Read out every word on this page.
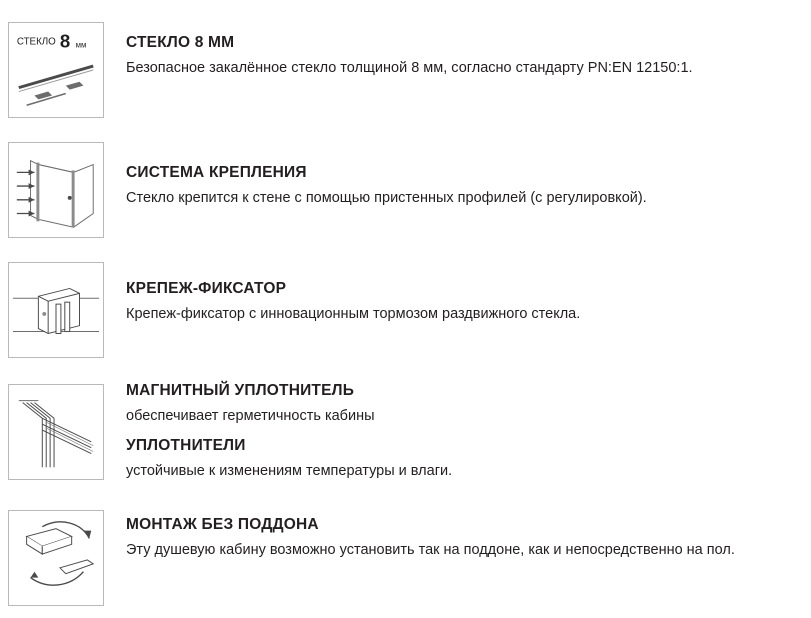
СТЕКЛО 8 мм	СТЕКЛО 8 ММ
Безопасное закалённое стекло толщиной 8 мм, согласно стандарту PN:EN 12150:1.
СИСТЕМА КРЕПЛЕНИЯ
Стекло крепится к стене с помощью пристенных профилей (с регулировкой).
КРЕПЕЖ-ФИКСАТОР
Крепеж-фиксатор с инновационным тормозом раздвижного стекла.
МАГНИТНЫЙ УПЛОТНИТЕЛЬ
обеспечивает герметичность кабины
УПЛОТНИТЕЛИ
устойчивые к изменениям температуры и влаги.
МОНТАЖ БЕЗ ПОДДОНА
Эту душевую кабину возможно установить так на поддоне, как и непосредственно на пол.
